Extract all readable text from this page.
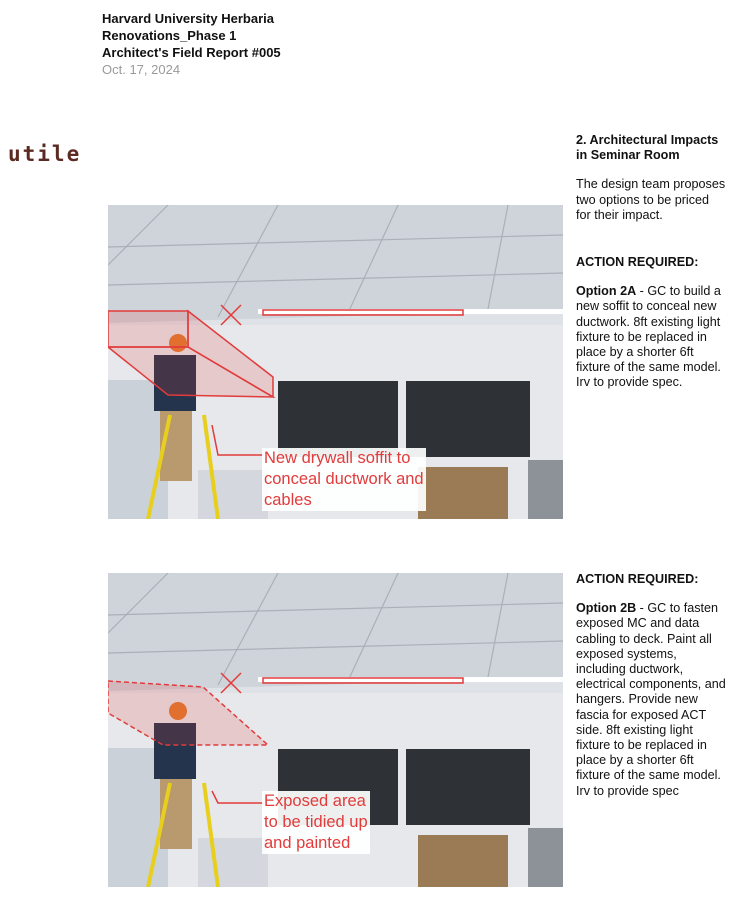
Harvard University Herbaria
Renovations_Phase 1
Architect's Field Report #005
Oct. 17, 2024
utile
New drywall soffit to
conceal ductwork and
cables
Exposed area
to be tidied up
and painted
2. Architectural Impacts
in Seminar Room
The design team proposes two options to be priced for their impact.
ACTION REQUIRED:
Option 2A - GC to build a new soffit to conceal new ductwork. 8ft existing light fixture to be replaced in place by a shorter 6ft fixture of the same model. Irv to provide spec.
ACTION REQUIRED:
Option 2B - GC to fasten exposed MC and data cabling to deck. Paint all exposed systems, including ductwork, electrical components, and hangers. Provide new fascia for exposed ACT side. 8ft existing light fixture to be replaced in place by a shorter 6ft fixture of the same model. Irv to provide spec
